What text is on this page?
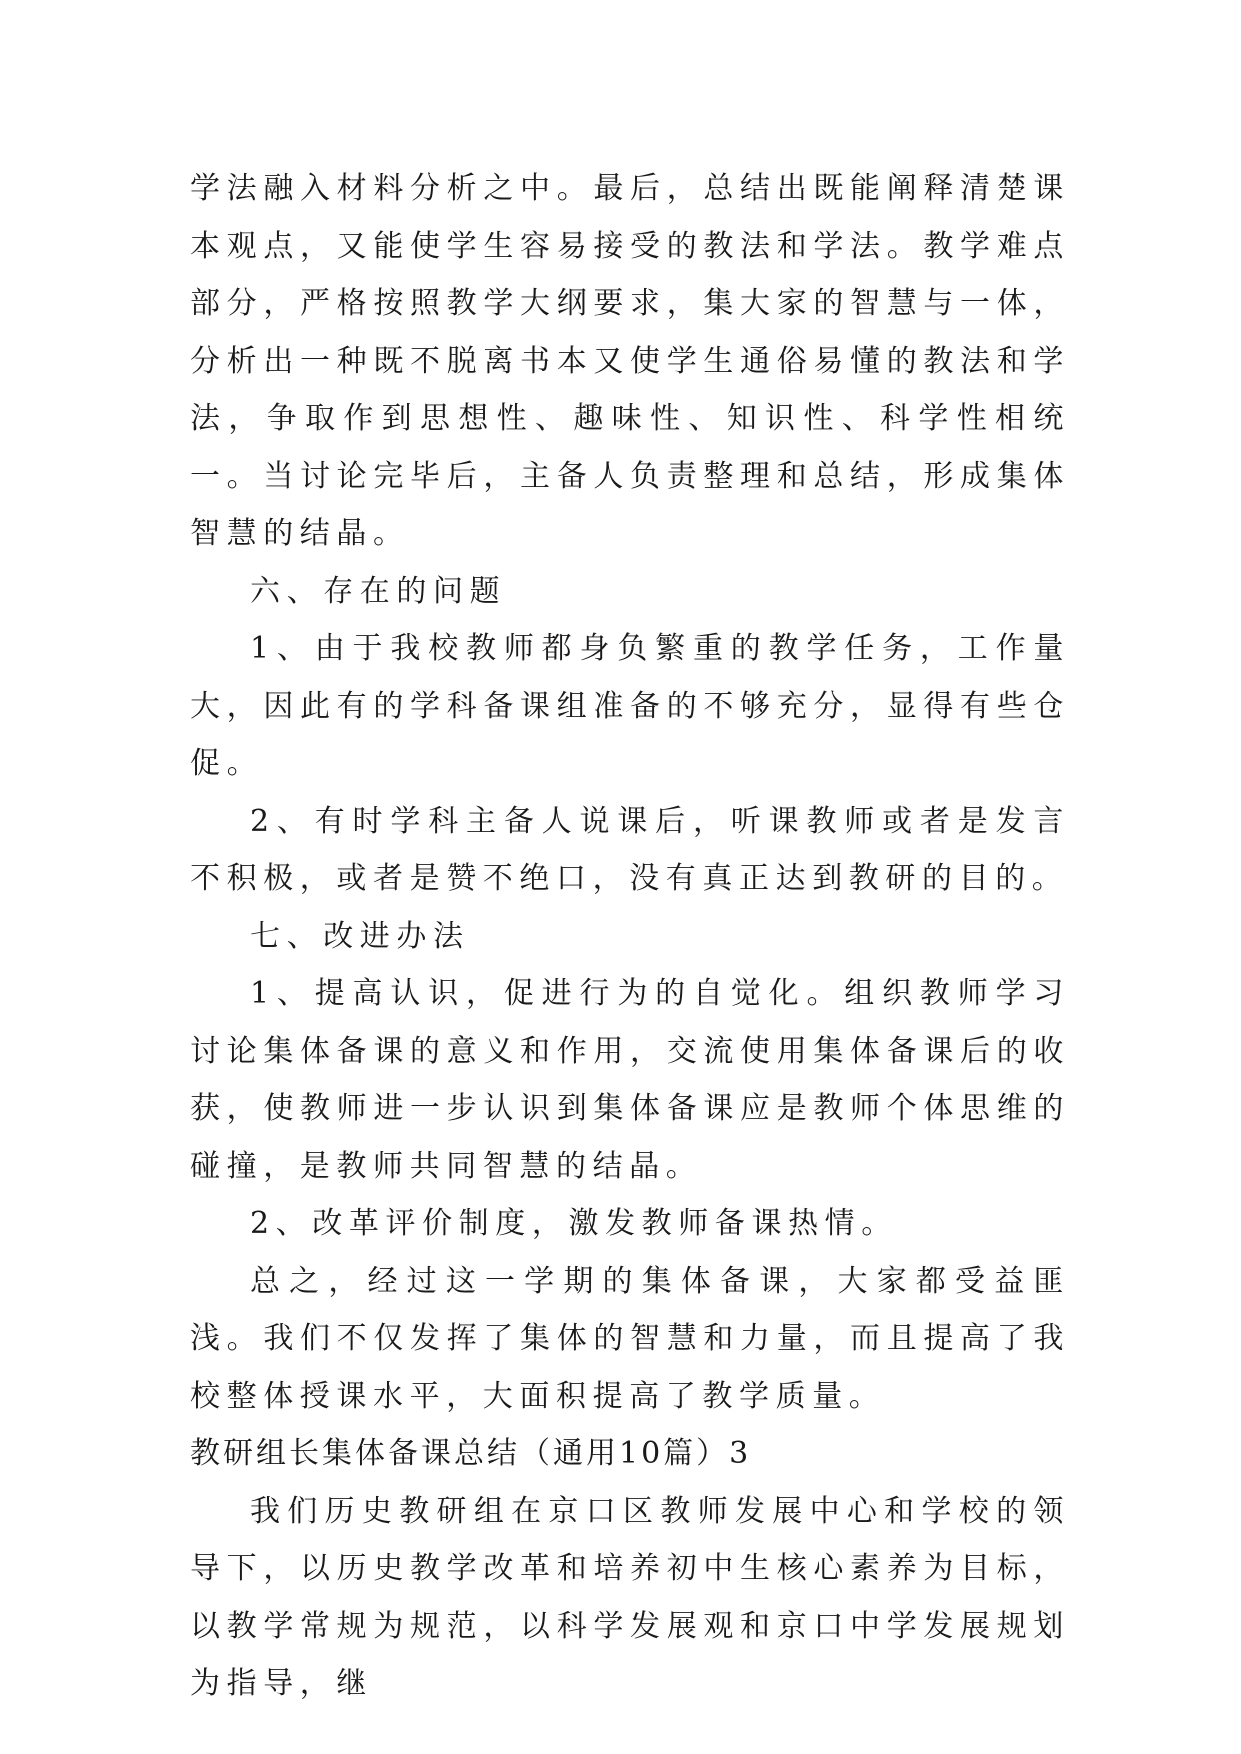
学法融入材料分析之中。最后，总结出既能阐释清楚课本观点，又能使学生容易接受的教法和学法。教学难点部分，严格按照教学大纲要求，集大家的智慧与一体，分析出一种既不脱离书本又使学生通俗易懂的教法和学法，争取作到思想性、趣味性、知识性、科学性相统一。当讨论完毕后，主备人负责整理和总结，形成集体智慧的结晶。

六、存在的问题

1、由于我校教师都身负繁重的教学任务，工作量大，因此有的学科备课组准备的不够充分，显得有些仓促。

2、有时学科主备人说课后，听课教师或者是发言不积极，或者是赞不绝口，没有真正达到教研的目的。

七、改进办法

1、提高认识，促进行为的自觉化。组织教师学习讨论集体备课的意义和作用，交流使用集体备课后的收获，使教师进一步认识到集体备课应是教师个体思维的碰撞，是教师共同智慧的结晶。

2、改革评价制度，激发教师备课热情。

总之，经过这一学期的集体备课，大家都受益匪浅。我们不仅发挥了集体的智慧和力量，而且提高了我校整体授课水平，大面积提高了教学质量。

教研组长集体备课总结（通用10篇）3

我们历史教研组在京口区教师发展中心和学校的领导下，以历史教学改革和培养初中生核心素养为目标，以教学常规为规范，以科学发展观和京口中学发展规划为指导，继
